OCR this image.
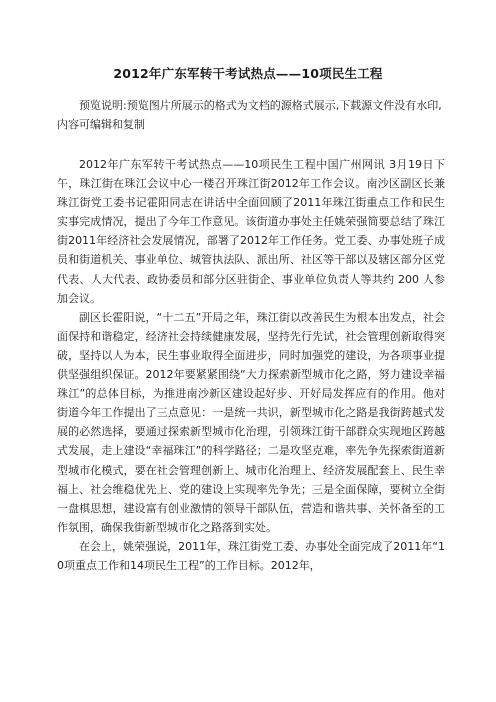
2012年广东军转干考试热点——10项民生工程

预览说明:预览图片所展示的格式为文档的源格式展示,下载源文件没有水印,内容可编辑和复制

2012年广东军转干考试热点——10项民生工程中国广州网讯 3月19日下午，珠江街在珠江会议中心一楼召开珠江街2012年工作会议。南沙区副区长兼珠江街党工委书记霍阳同志在讲话中全面回顾了2011年珠江街重点工作和民生实事完成情况，提出了今年工作意见。该街道办事处主任姚荣强简要总结了珠江街2011年经济社会发展情况，部署了2012年工作任务。党工委、办事处班子成员和街道机关、事业单位、城管执法队、派出所、社区等干部以及辖区部分区党代表、人大代表、政协委员和部分区驻街企、事业单位负责人等共约 200 人参加会议。

副区长霍阳说，“十二五”开局之年，珠江街以改善民生为根本出发点，社会面保持和谐稳定，经济社会持续健康发展，坚持先行先试，社会管理创新取得突破，坚持以人为本，民生事业取得全面进步，同时加强党的建设，为各项事业提供坚强组织保证。2012年要紧紧围绕“大力探索新型城市化之路，努力建设幸福珠江”的总体目标，为推进南沙新区建设起好步、开好局发挥应有的作用。他对街道今年工作提出了三点意见：一是统一共识，新型城市化之路是我街跨越式发展的必然选择，要通过探索新型城市化治理，引领珠江街干部群众实现地区跨越式发展，走上建设“幸福珠江”的科学路径；二是攻坚克难，率先争先探索街道新型城市化模式，要在社会管理创新上、城市化治理上、经济发展配套上、民生幸福上、社会维稳优先上、党的建设上实现率先争先；三是全面保障，要树立全街一盘棋思想，建设富有创业激情的领导干部队伍，营造和谐共事、关怀备至的工作氛围，确保我街新型城市化之路落到实处。

在会上，姚荣强说，2011年，珠江街党工委、办事处全面完成了2011年“10项重点工作和14项民生工程”的工作目标。2012年，
